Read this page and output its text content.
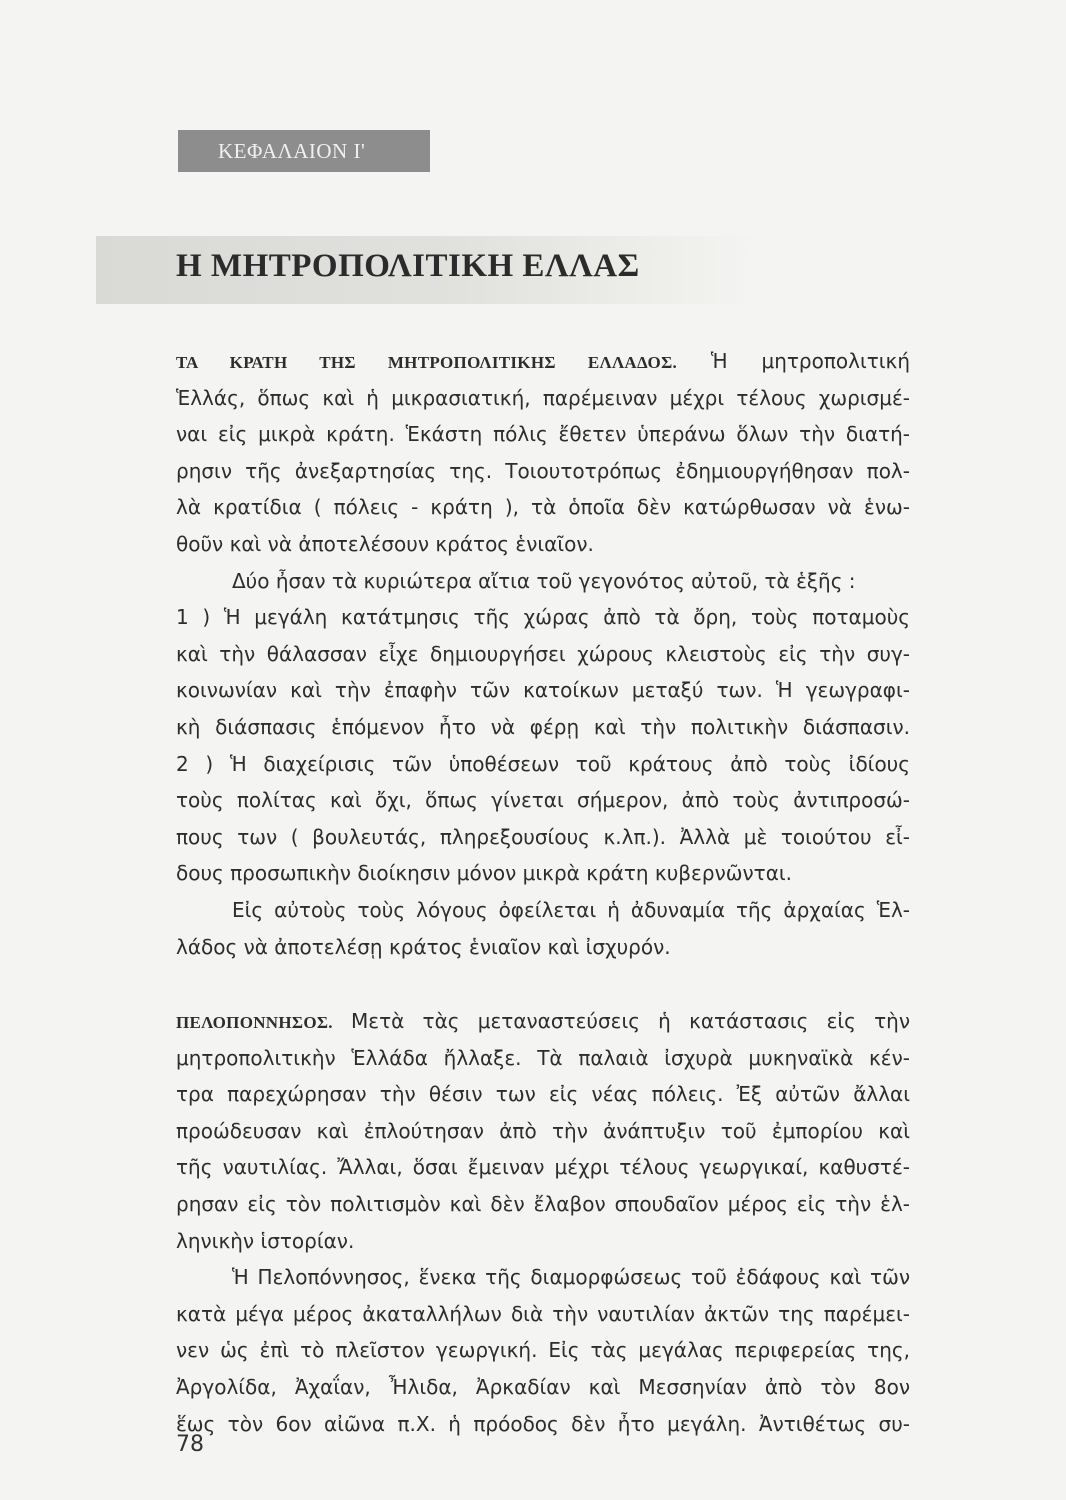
ΚΕΦΑΛΑΙΟΝ Ι'
Η ΜΗΤΡΟΠΟΛΙΤΙΚΗ ΕΛΛΑΣ
ΤΑ ΚΡΑΤΗ ΤΗΣ ΜΗΤΡΟΠΟΛΙΤΙΚΗΣ ΕΛΛΑΔΟΣ. Ἡ μητροπολιτική
Ἑλλάς, ὅπως καὶ ἡ μικρασιατική, παρέμειναν μέχρι τέλους χωρισμέ-
ναι εἰς μικρὰ κράτη. Ἑκάστη πόλις ἔθετεν ὑπεράνω ὅλων τὴν διατή-
ρησιν τῆς ἀνεξαρτησίας της. Τοιουτοτρόπως ἐδημιουργήθησαν πολ-
λὰ κρατίδια ( πόλεις - κράτη ), τὰ ὁποῖα δὲν κατώρθωσαν νὰ ἑνω-
θοῦν καὶ νὰ ἀποτελέσουν κράτος ἑνιαῖον.
Δύο ἦσαν τὰ κυριώτερα αἴτια τοῦ γεγονότος αὐτοῦ, τὰ ἑξῆς :
1 ) Ἡ μεγάλη κατάτμησις τῆς χώρας ἀπὸ τὰ ὄρη, τοὺς ποταμοὺς
καὶ τὴν θάλασσαν εἶχε δημιουργήσει χώρους κλειστοὺς εἰς τὴν συγ-
κοινωνίαν καὶ τὴν ἐπαφὴν τῶν κατοίκων μεταξύ των. Ἡ γεωγραφι-
κὴ διάσπασις ἑπόμενον ἦτο νὰ φέρῃ καὶ τὴν πολιτικὴν διάσπασιν.
2 ) Ἡ διαχείρισις τῶν ὑποθέσεων τοῦ κράτους ἀπὸ τοὺς ἰδίους
τοὺς πολίτας καὶ ὄχι, ὅπως γίνεται σήμερον, ἀπὸ τοὺς ἀντιπροσώ-
πους των ( βουλευτάς, πληρεξουσίους κ.λπ.). Ἀλλὰ μὲ τοιούτου εἶ-
δους προσωπικὴν διοίκησιν μόνον μικρὰ κράτη κυβερνῶνται.
Εἰς αὐτοὺς τοὺς λόγους ὀφείλεται ἡ ἀδυναμία τῆς ἀρχαίας Ἑλ-
λάδος νὰ ἀποτελέσῃ κράτος ἑνιαῖον καὶ ἰσχυρόν.
ΠΕΛΟΠΟΝΝΗΣΟΣ. Μετὰ τὰς μεταναστεύσεις ἡ κατάστασις εἰς τὴν
μητροπολιτικὴν Ἑλλάδα ἤλλαξε. Τὰ παλαιὰ ἰσχυρὰ μυκηναϊκὰ κέν-
τρα παρεχώρησαν τὴν θέσιν των εἰς νέας πόλεις. Ἐξ αὐτῶν ἄλλαι
προώδευσαν καὶ ἐπλούτησαν ἀπὸ τὴν ἀνάπτυξιν τοῦ ἐμπορίου καὶ
τῆς ναυτιλίας. Ἄλλαι, ὅσαι ἔμειναν μέχρι τέλους γεωργικαί, καθυστέ-
ρησαν εἰς τὸν πολιτισμὸν καὶ δὲν ἔλαβον σπουδαῖον μέρος εἰς τὴν ἑλ-
ληνικὴν ἱστορίαν.
Ἡ Πελοπόννησος, ἕνεκα τῆς διαμορφώσεως τοῦ ἐδάφους καὶ τῶν
κατὰ μέγα μέρος ἀκαταλλήλων διὰ τὴν ναυτιλίαν ἀκτῶν της παρέμει-
νεν ὡς ἐπὶ τὸ πλεῖστον γεωργική. Εἰς τὰς μεγάλας περιφερείας της,
Ἀργολίδα, Ἀχαΐαν, Ἦλιδα, Ἀρκαδίαν καὶ Μεσσηνίαν ἀπὸ τὸν 8ον
ἕως τὸν 6ον αἰῶνα π.Χ. ἡ πρόοδος δὲν ἦτο μεγάλη. Ἀντιθέτως συ-
78
